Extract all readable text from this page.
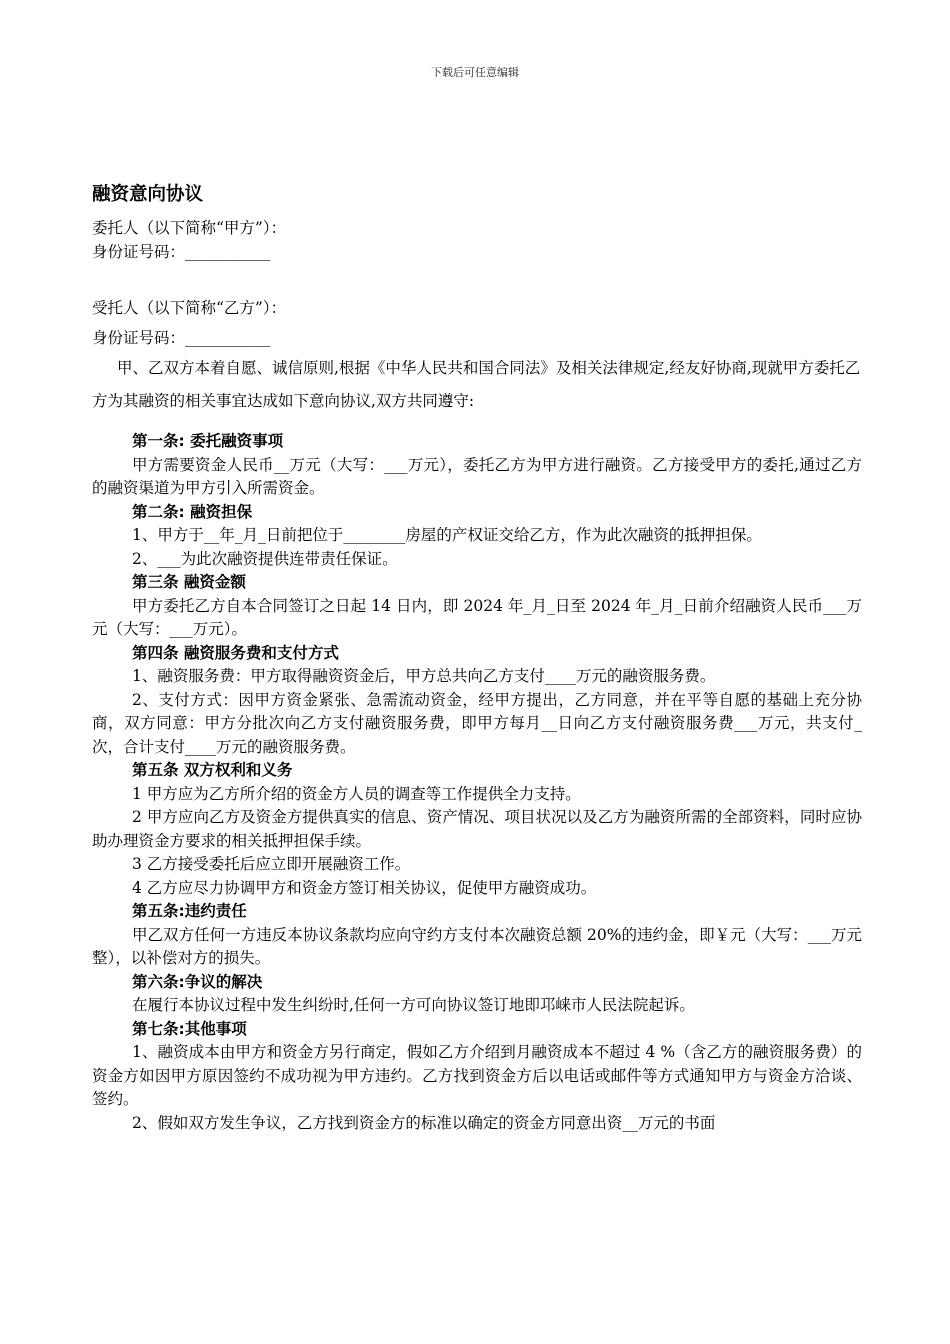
下载后可任意编辑
融资意向协议
委托人（以下简称“甲方”）：
身份证号码：___________
受托人（以下简称“乙方”）：
身份证号码：___________
甲、乙双方本着自愿、诚信原则,根据《中华人民共和国合同法》及相关法律规定,经友好协商,现就甲方委托乙方为其融资的相关事宜达成如下意向协议,双方共同遵守:
第一条: 委托融资事项
甲方需要资金人民币__万元（大写：___万元），委托乙方为甲方进行融资。乙方接受甲方的委托,通过乙方的融资渠道为甲方引入所需资金。
第二条: 融资担保
1、甲方于__年_月_日前把位于________房屋的产权证交给乙方，作为此次融资的抵押担保。
2、___为此次融资提供连带责任保证。
第三条 融资金额
甲方委托乙方自本合同签订之日起 14 日内，即 2024 年_月_日至 2024 年_月_日前介绍融资人民币___万元（大写：___万元）。
第四条 融资服务费和支付方式
1、融资服务费：甲方取得融资资金后，甲方总共向乙方支付____万元的融资服务费。
2、支付方式：因甲方资金紧张、急需流动资金，经甲方提出，乙方同意，并在平等自愿的基础上充分协商，双方同意：甲方分批次向乙方支付融资服务费，即甲方每月__日向乙方支付融资服务费___万元，共支付_次，合计支付____万元的融资服务费。
第五条 双方权利和义务
1 甲方应为乙方所介绍的资金方人员的调查等工作提供全力支持。
2 甲方应向乙方及资金方提供真实的信息、资产情况、项目状况以及乙方为融资所需的全部资料，同时应协助办理资金方要求的相关抵押担保手续。
3 乙方接受委托后应立即开展融资工作。
4 乙方应尽力协调甲方和资金方签订相关协议，促使甲方融资成功。
第五条:违约责任
甲乙双方任何一方违反本协议条款均应向守约方支付本次融资总额 20%的违约金，即￥元（大写：___万元整），以补偿对方的损失。
第六条:争议的解决
在履行本协议过程中发生纠纷时,任何一方可向协议签订地即邛崃市人民法院起诉。
第七条:其他事项
1、融资成本由甲方和资金方另行商定，假如乙方介绍到月融资成本不超过 4 %（含乙方的融资服务费）的资金方如因甲方原因签约不成功视为甲方违约。乙方找到资金方后以电话或邮件等方式通知甲方与资金方洽谈、签约。
2、假如双方发生争议，乙方找到资金方的标准以确定的资金方同意出资__万元的书面
